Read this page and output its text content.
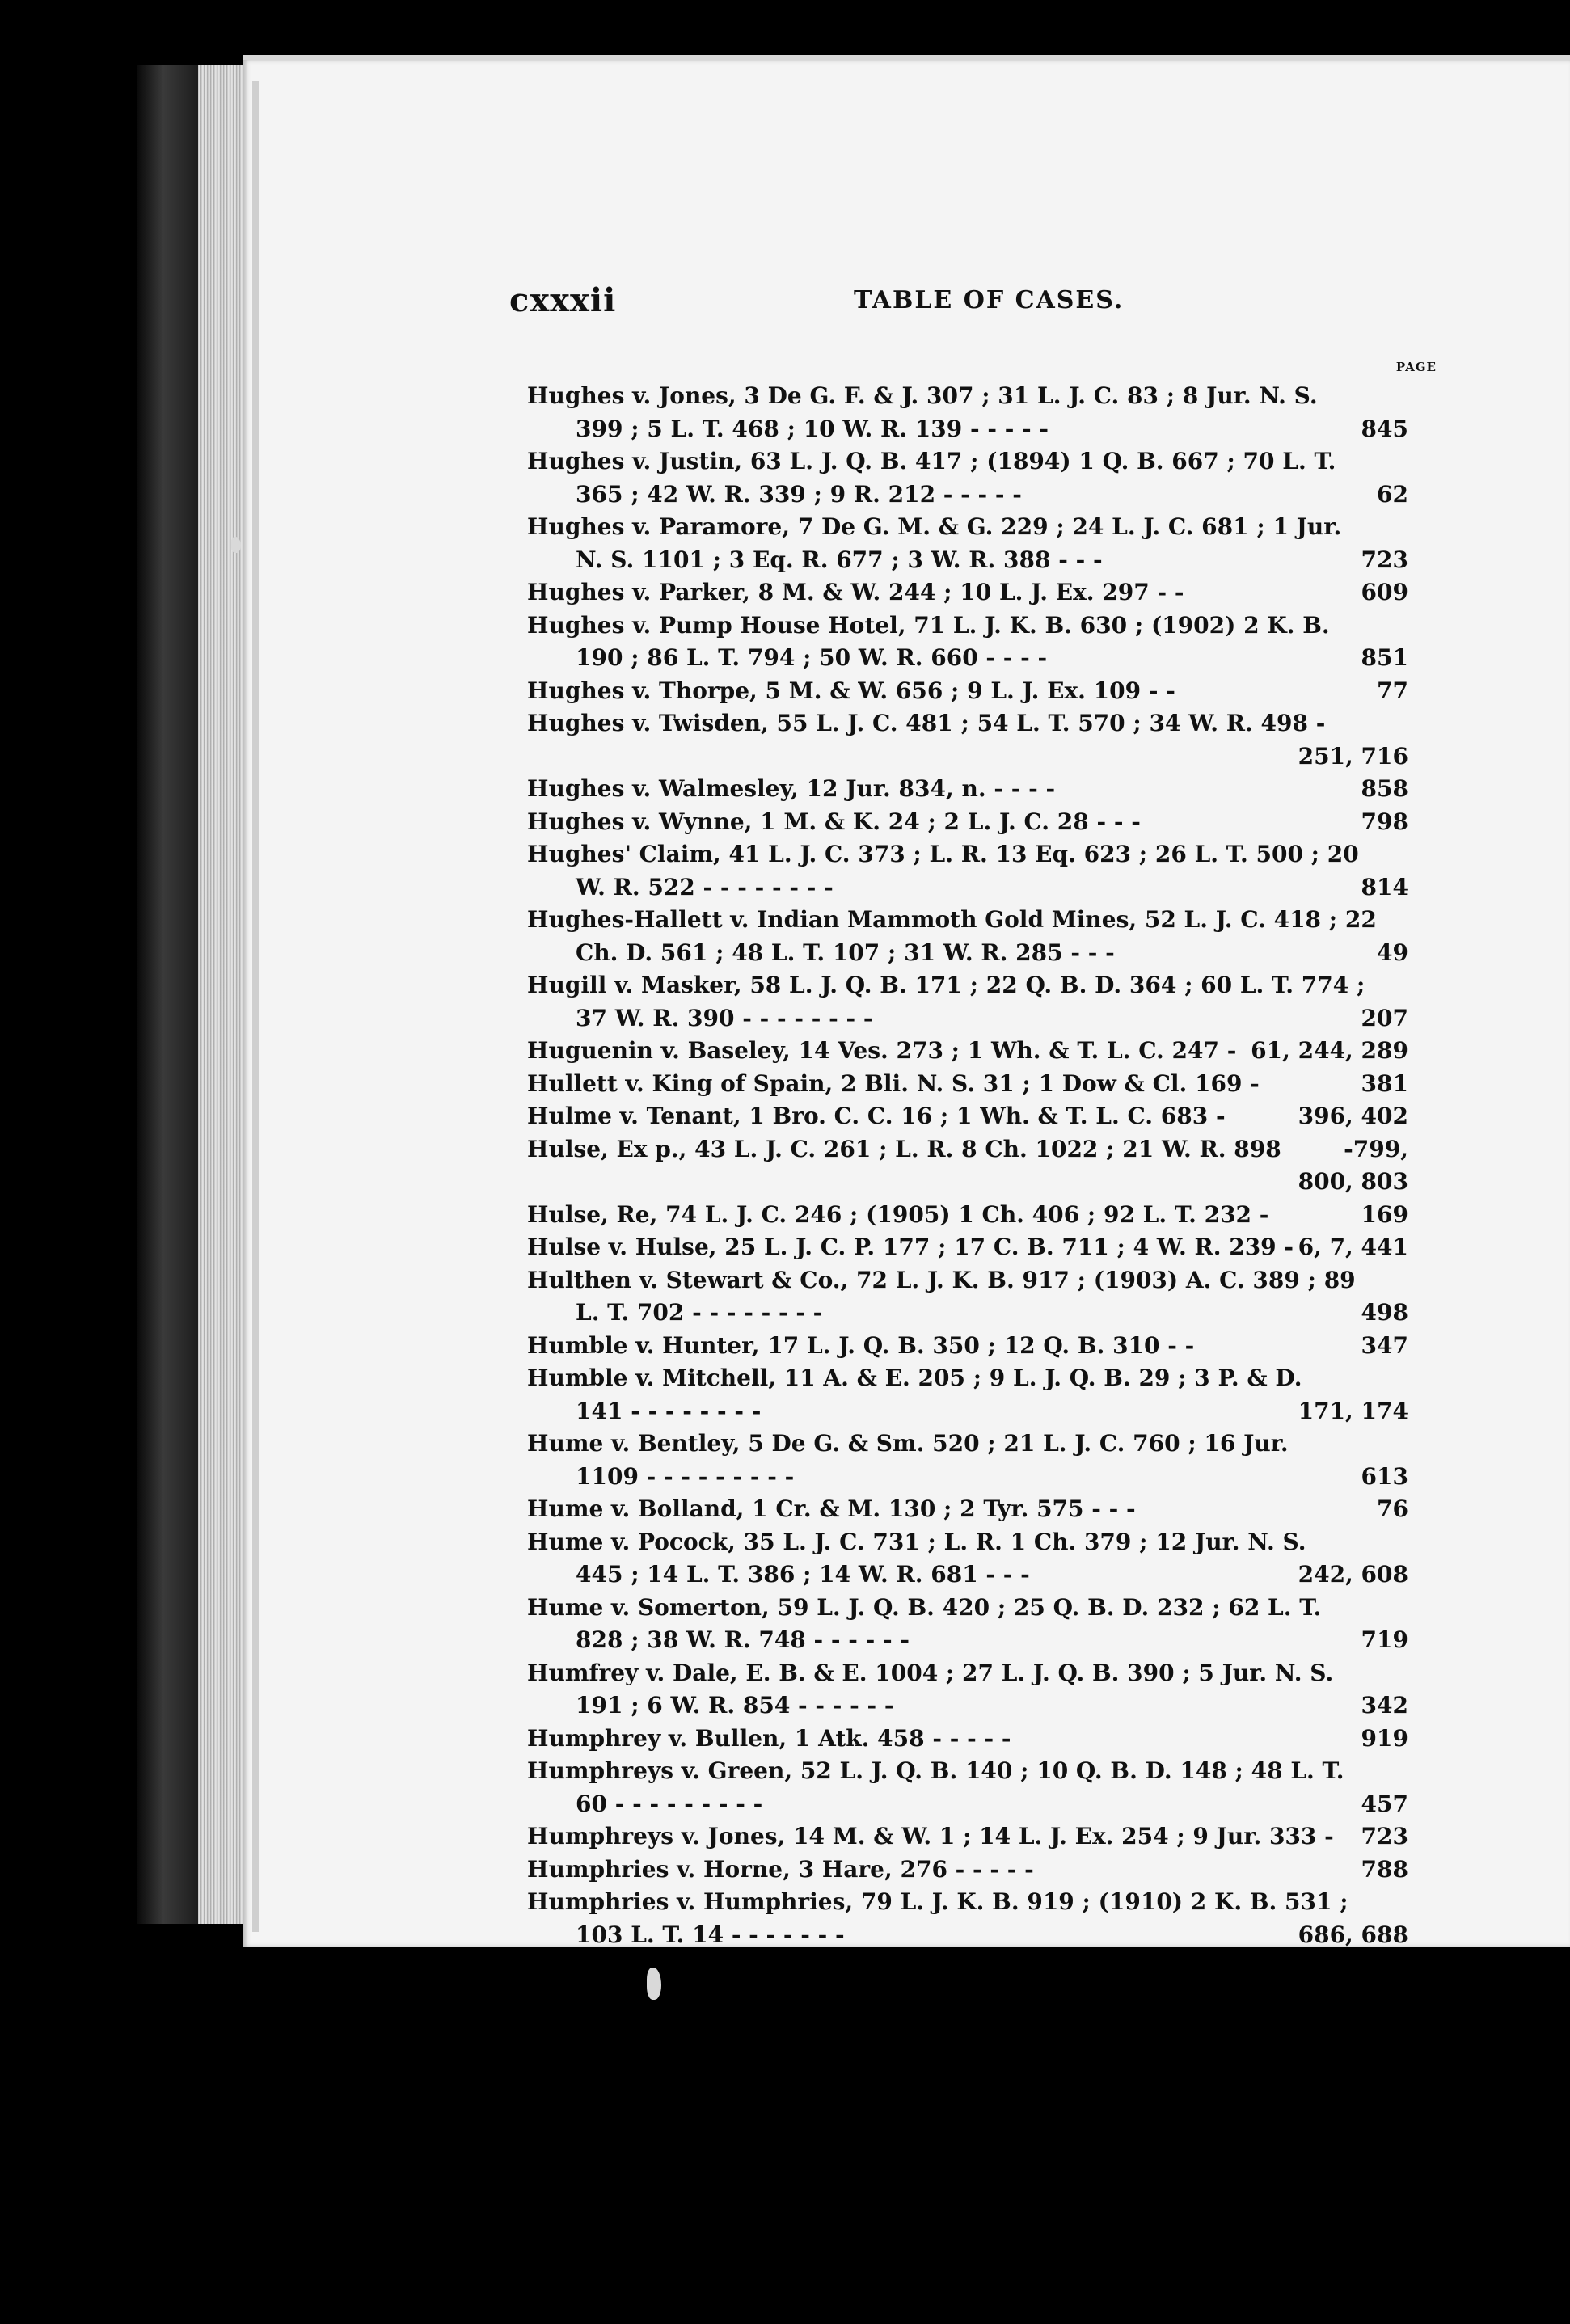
cxxxii	TABLE OF CASES.
PAGE
Hughes v. Jones, 3 De G. F. & J. 307 ; 31 L. J. C. 83 ; 8 Jur. N. S.
399 ; 5 L. T. 468 ; 10 W. R. 139 - - - - -	845
Hughes v. Justin, 63 L. J. Q. B. 417 ; (1894) 1 Q. B. 667 ; 70 L. T.
365 ; 42 W. R. 339 ; 9 R. 212 - - - - -	62
Hughes v. Paramore, 7 De G. M. & G. 229 ; 24 L. J. C. 681 ; 1 Jur.
N. S. 1101 ; 3 Eq. R. 677 ; 3 W. R. 388 - - -	723
Hughes v. Parker, 8 M. & W. 244 ; 10 L. J. Ex. 297 - -	609
Hughes v. Pump House Hotel, 71 L. J. K. B. 630 ; (1902) 2 K. B.
190 ; 86 L. T. 794 ; 50 W. R. 660 - - - -	851
Hughes v. Thorpe, 5 M. & W. 656 ; 9 L. J. Ex. 109 - -	77
Hughes v. Twisden, 55 L. J. C. 481 ; 54 L. T. 570 ; 34 W. R. 498 -
251, 716
Hughes v. Walmesley, 12 Jur. 834, n. - - - -	858
Hughes v. Wynne, 1 M. & K. 24 ; 2 L. J. C. 28 - - -	798
Hughes' Claim, 41 L. J. C. 373 ; L. R. 13 Eq. 623 ; 26 L. T. 500 ; 20
W. R. 522 - - - - - - - -	814
Hughes-Hallett v. Indian Mammoth Gold Mines, 52 L. J. C. 418 ; 22
Ch. D. 561 ; 48 L. T. 107 ; 31 W. R. 285 - - -	49
Hugill v. Masker, 58 L. J. Q. B. 171 ; 22 Q. B. D. 364 ; 60 L. T. 774 ;
37 W. R. 390 - - - - - - - -	207
Huguenin v. Baseley, 14 Ves. 273 ; 1 Wh. & T. L. C. 247 - 61, 244, 289
Hullett v. King of Spain, 2 Bli. N. S. 31 ; 1 Dow & Cl. 169 -	381
Hulme v. Tenant, 1 Bro. C. C. 16 ; 1 Wh. & T. L. C. 683 -	396, 402
Hulse, Ex p., 43 L. J. C. 261 ; L. R. 8 Ch. 1022 ; 21 W. R. 898	-799,
800, 803
Hulse, Re, 74 L. J. C. 246 ; (1905) 1 Ch. 406 ; 92 L. T. 232 -	169
Hulse v. Hulse, 25 L. J. C. P. 177 ; 17 C. B. 711 ; 4 W. R. 239 - 6, 7, 441
Hulthen v. Stewart & Co., 72 L. J. K. B. 917 ; (1903) A. C. 389 ; 89
L. T. 702 - - - - - - - -	498
Humble v. Hunter, 17 L. J. Q. B. 350 ; 12 Q. B. 310 - -	347
Humble v. Mitchell, 11 A. & E. 205 ; 9 L. J. Q. B. 29 ; 3 P. & D.
141 - - - - - - - -	171, 174
Hume v. Bentley, 5 De G. & Sm. 520 ; 21 L. J. C. 760 ; 16 Jur.
1109 - - - - - - - - -	613
Hume v. Bolland, 1 Cr. & M. 130 ; 2 Tyr. 575 - - -	76
Hume v. Pocock, 35 L. J. C. 731 ; L. R. 1 Ch. 379 ; 12 Jur. N. S.
445 ; 14 L. T. 386 ; 14 W. R. 681 - - -	242, 608
Hume v. Somerton, 59 L. J. Q. B. 420 ; 25 Q. B. D. 232 ; 62 L. T.
828 ; 38 W. R. 748 - - - - - -	719
Humfrey v. Dale, E. B. & E. 1004 ; 27 L. J. Q. B. 390 ; 5 Jur. N. S.
191 ; 6 W. R. 854 - - - - - -	342
Humphrey v. Bullen, 1 Atk. 458 - - - - -	919
Humphreys v. Green, 52 L. J. Q. B. 140 ; 10 Q. B. D. 148 ; 48 L. T.
60 - - - - - - - - -	457
Humphreys v. Jones, 14 M. & W. 1 ; 14 L. J. Ex. 254 ; 9 Jur. 333 - 723
Humphries v. Horne, 3 Hare, 276 - - - - -	788
Humphries v. Humphries, 79 L. J. K. B. 919 ; (1910) 2 K. B. 531 ;
103 L. T. 14 - - - - - - -	686, 688
